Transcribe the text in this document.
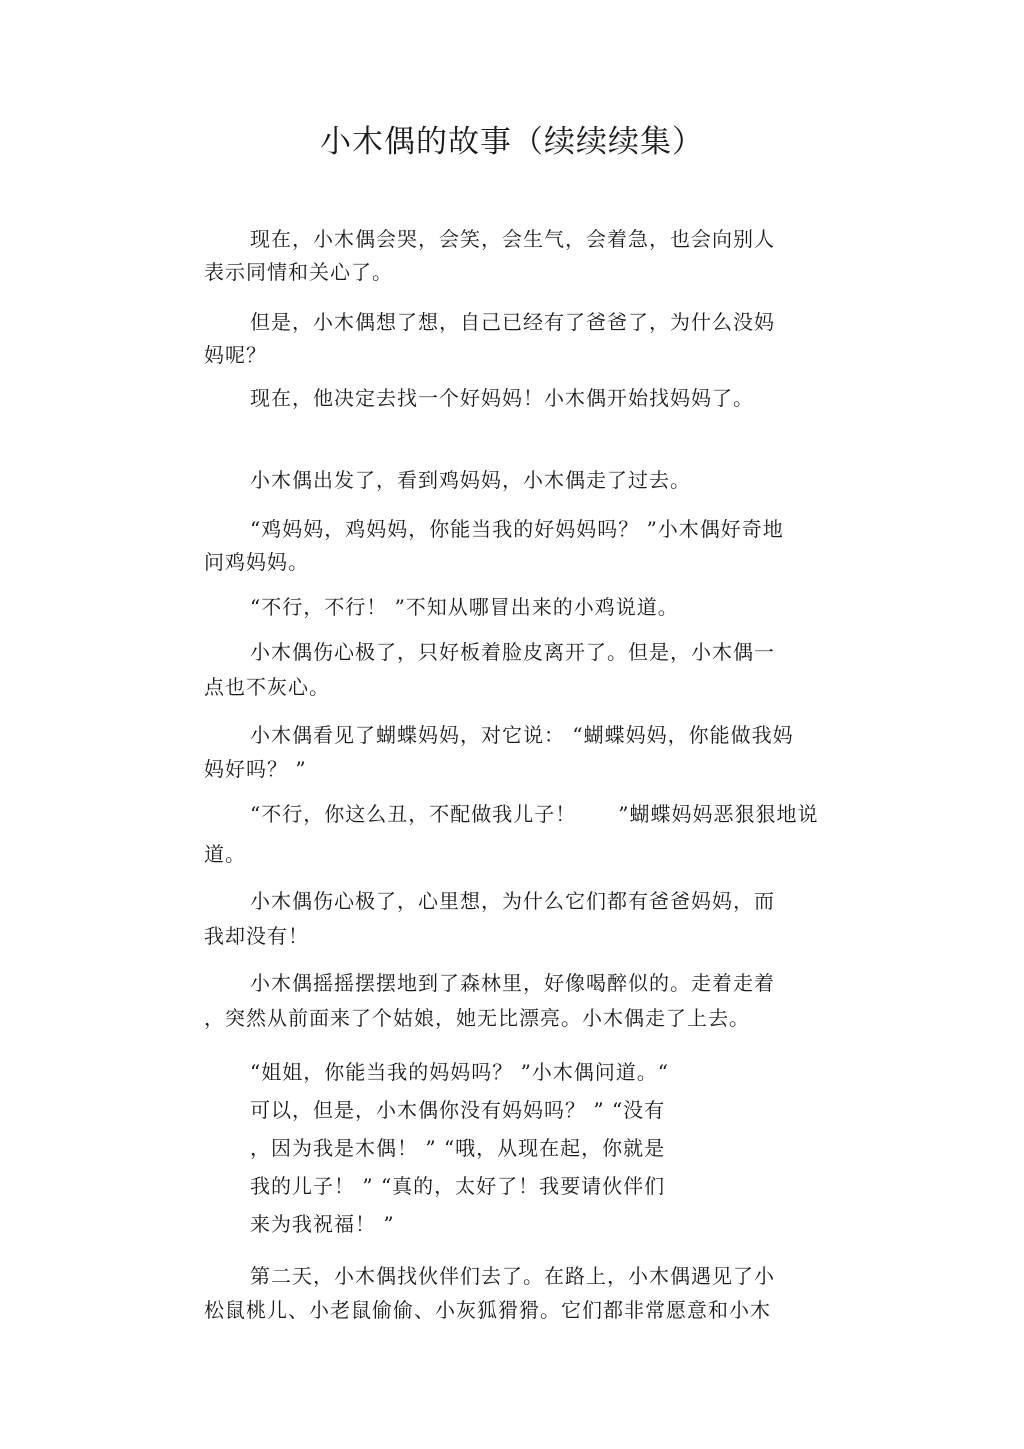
小木偶的故事（续续续集）
现在，小木偶会哭，会笑，会生气，会着急，也会向别人
表示同情和关心了。
但是，小木偶想了想，自己已经有了爸爸了，为什么没妈
妈呢？
现在，他决定去找一个好妈妈！小木偶开始找妈妈了。
小木偶出发了，看到鸡妈妈，小木偶走了过去。
“鸡妈妈，鸡妈妈，你能当我的好妈妈吗？ ”小木偶好奇地
问鸡妈妈。
“不行，不行！ ”不知从哪冒出来的小鸡说道。
小木偶伤心极了，只好板着脸皮离开了。但是，小木偶一
点也不灰心。
小木偶看见了蝴蝶妈妈，对它说： “蝴蝶妈妈，你能做我妈
妈好吗？ ”
“不行，你这么丑，不配做我儿子！　　”蝴蝶妈妈恶狠狠地说
道。
小木偶伤心极了，心里想，为什么它们都有爸爸妈妈，而
我却没有！
小木偶摇摇摆摆地到了森林里，好像喝醉似的。走着走着
，突然从前面来了个姑娘，她无比漂亮。小木偶走了上去。
“姐姐，你能当我的妈妈吗？ ”小木偶问道。“
可以，但是，小木偶你没有妈妈吗？ ” “没有
，因为我是木偶！ ” “哦，从现在起，你就是
我的儿子！ ” “真的，太好了！我要请伙伴们
来为我祝福！ ”
第二天，小木偶找伙伴们去了。在路上，小木偶遇见了小
松鼠桃儿、小老鼠偷偷、小灰狐猾猾。它们都非常愿意和小木
